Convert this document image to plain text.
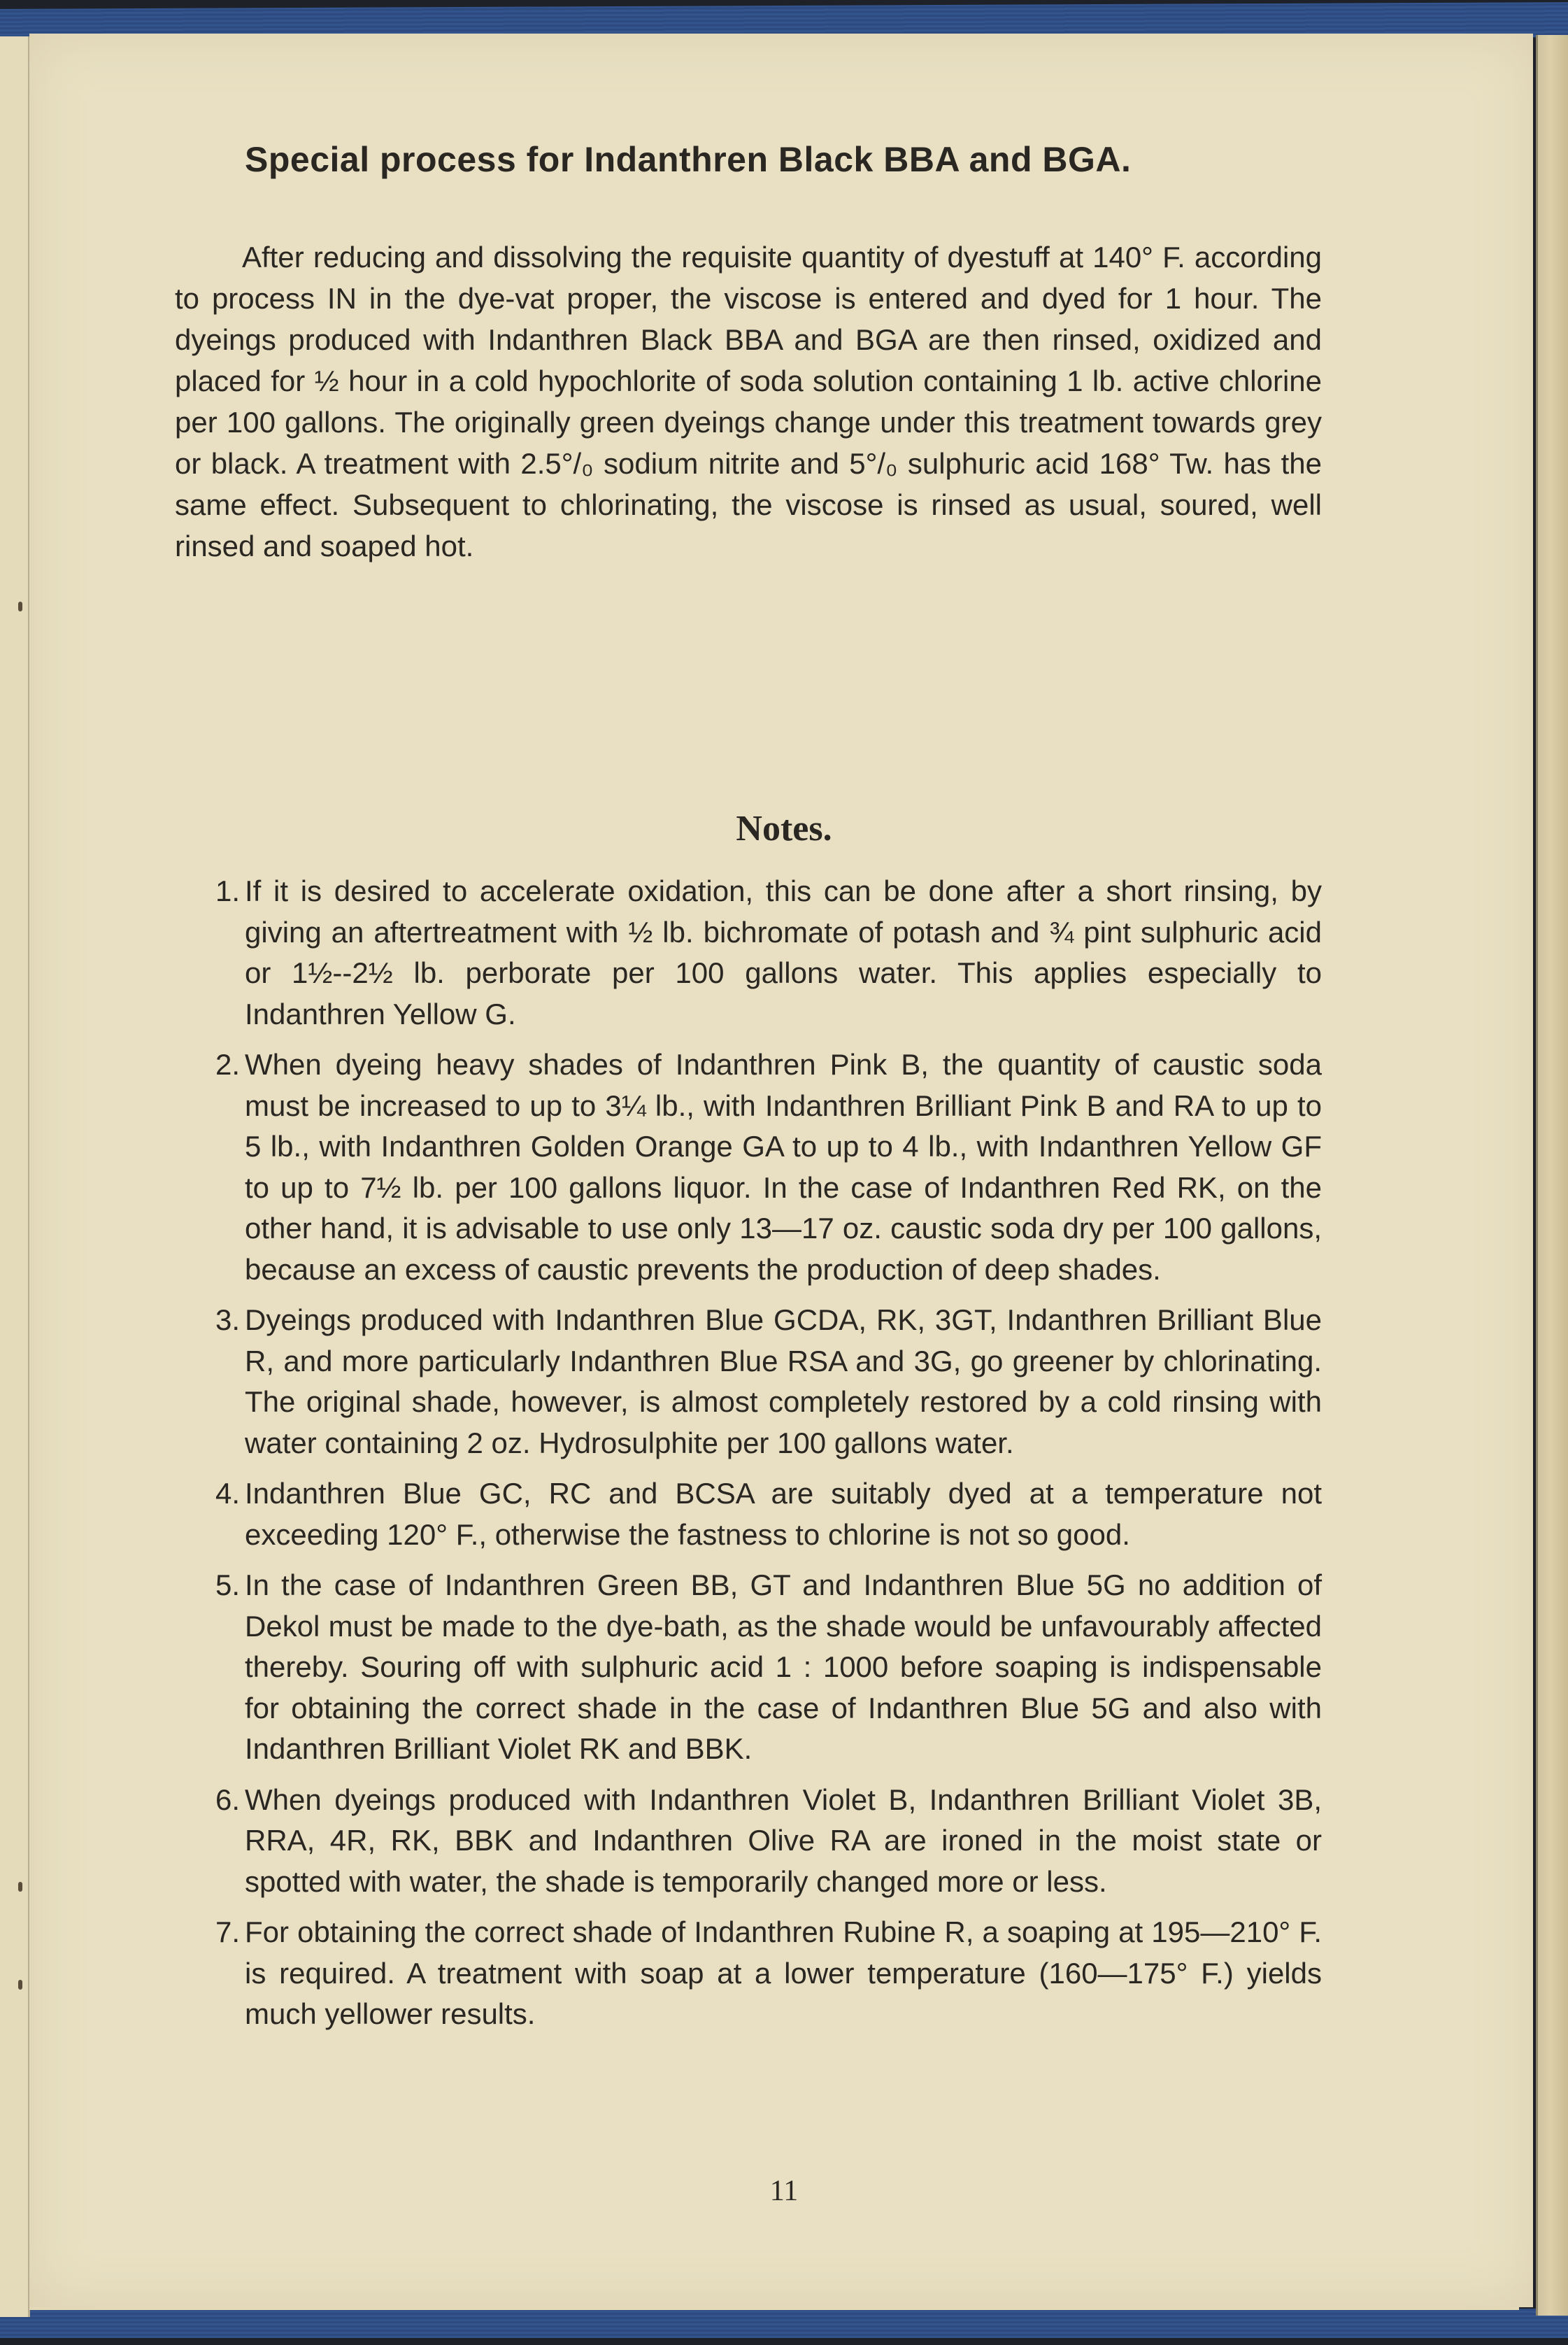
Special process for Indanthren Black BBA and BGA.

After reducing and dissolving the requisite quantity of dyestuff at 140° F. according to process IN in the dye-vat proper, the viscose is entered and dyed for 1 hour. The dyeings produced with Indanthren Black BBA and BGA are then rinsed, oxidized and placed for ½ hour in a cold hypochlorite of soda solution containing 1 lb. active chlorine per 100 gallons. The originally green dyeings change under this treatment towards grey or black. A treatment with 2.5°/₀ sodium nitrite and 5°/₀ sulphuric acid 168° Tw. has the same effect. Subsequent to chlorinating, the viscose is rinsed as usual, soured, well rinsed and soaped hot.

Notes.
1. If it is desired to accelerate oxidation, this can be done after a short rinsing, by giving an aftertreatment with ½ lb. bichromate of potash and ¾ pint sulphuric acid or 1½--2½ lb. perborate per 100 gallons water. This applies especially to Indanthren Yellow G.
2. When dyeing heavy shades of Indanthren Pink B, the quantity of caustic soda must be increased to up to 3¼ lb., with Indanthren Brilliant Pink B and RA to up to 5 lb., with Indanthren Golden Orange GA to up to 4 lb., with Indanthren Yellow GF to up to 7½ lb. per 100 gallons liquor. In the case of Indanthren Red RK, on the other hand, it is advisable to use only 13—17 oz. caustic soda dry per 100 gallons, because an excess of caustic prevents the production of deep shades.
3. Dyeings produced with Indanthren Blue GCDA, RK, 3GT, Indanthren Brilliant Blue R, and more particularly Indanthren Blue RSA and 3G, go greener by chlorinating. The original shade, however, is almost completely restored by a cold rinsing with water containing 2 oz. Hydrosulphite per 100 gallons water.
4. Indanthren Blue GC, RC and BCSA are suitably dyed at a temperature not exceeding 120° F., otherwise the fastness to chlorine is not so good.
5. In the case of Indanthren Green BB, GT and Indanthren Blue 5G no addition of Dekol must be made to the dye-bath, as the shade would be unfavourably affected thereby. Souring off with sulphuric acid 1 : 1000 before soaping is indispensable for obtaining the correct shade in the case of Indanthren Blue 5G and also with Indanthren Brilliant Violet RK and BBK.
6. When dyeings produced with Indanthren Violet B, Indanthren Brilliant Violet 3B, RRA, 4R, RK, BBK and Indanthren Olive RA are ironed in the moist state or spotted with water, the shade is temporarily changed more or less.
7. For obtaining the correct shade of Indanthren Rubine R, a soaping at 195—210° F. is required. A treatment with soap at a lower temperature (160—175° F.) yields much yellower results.
11
